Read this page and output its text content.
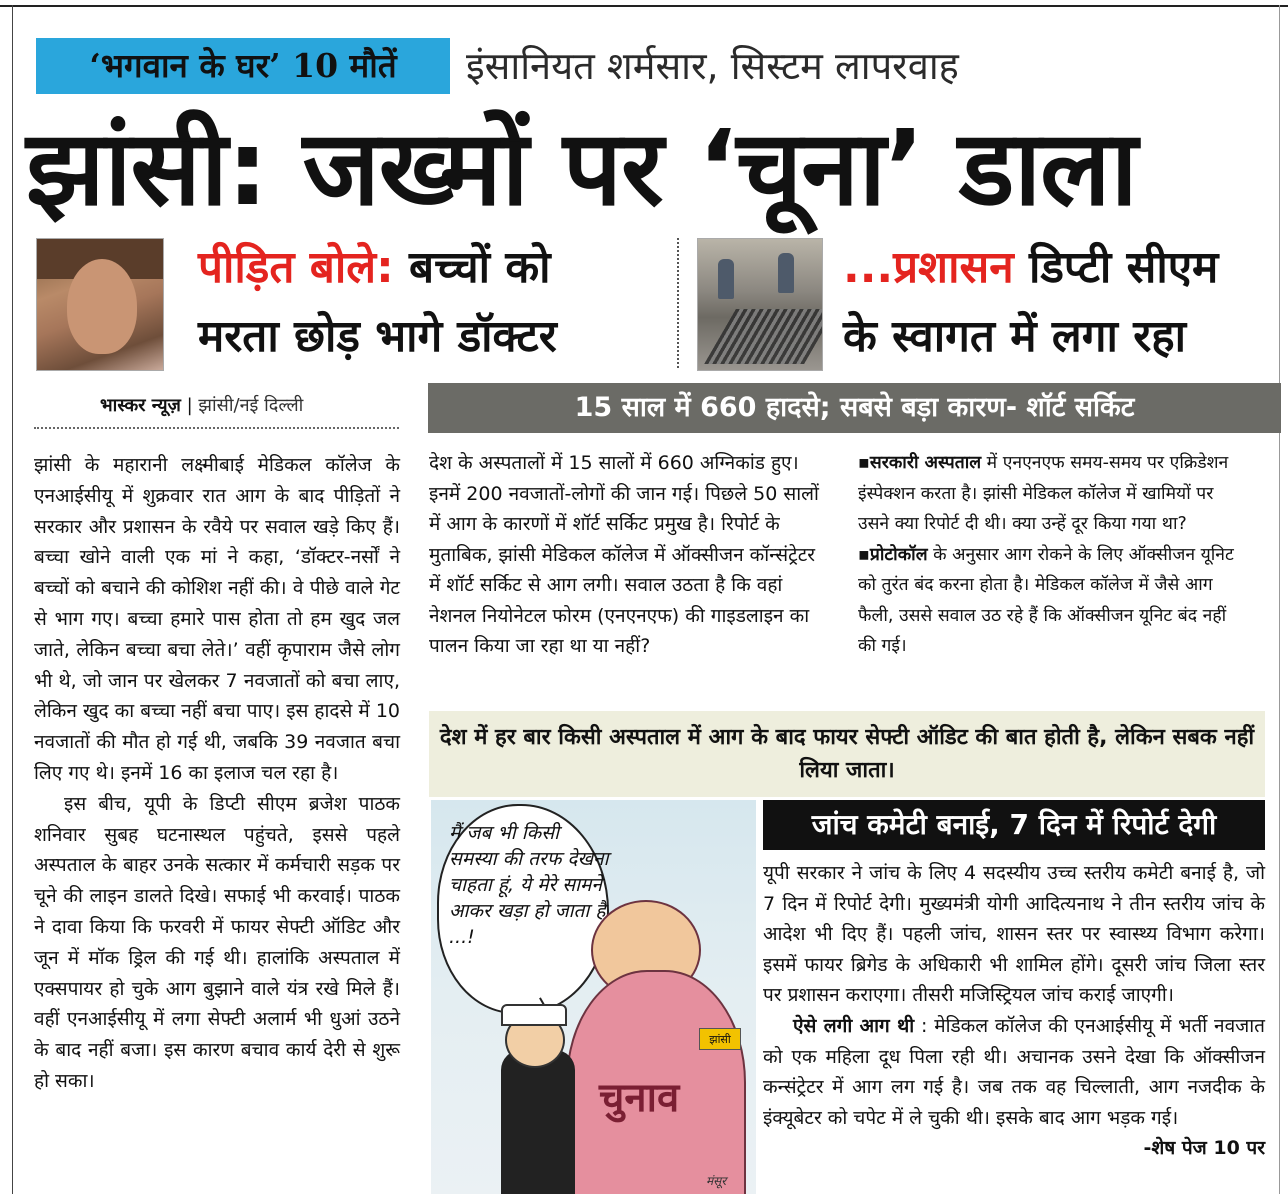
‘भगवान के घर’ 10 मौतें	इंसानियत शर्मसार, सिस्टम लापरवाह
झांसी: जख्मों पर ‘चूना’ डाला
पीड़ित बोले: बच्चों को
मरता छोड़ भागे डॉक्टर
...प्रशासन डिप्टी सीएम
के स्वागत में लगा रहा
भास्कर न्यूज़ | झांसी/नई दिल्ली	15 साल में 660 हादसे; सबसे बड़ा कारण- शॉर्ट सर्किट

झांसी के महारानी लक्ष्मीबाई मेडिकल कॉलेज के एनआईसीयू में शुक्रवार रात आग के बाद पीड़ितों ने सरकार और प्रशासन के रवैये पर सवाल खड़े किए हैं। बच्चा खोने वाली एक मां ने कहा, ‘डॉक्टर-नर्सों ने बच्चों को बचाने की कोशिश नहीं की। वे पीछे वाले गेट से भाग गए। बच्चा हमारे पास होता तो हम खुद जल जाते, लेकिन बच्चा बचा लेते।’ वहीं कृपाराम जैसे लोग भी थे, जो जान पर खेलकर 7 नवजातों को बचा लाए, लेकिन खुद का बच्चा नहीं बचा पाए। इस हादसे में 10 नवजातों की मौत हो गई थी, जबकि 39 नवजात बचा लिए गए थे। इनमें 16 का इलाज चल रहा है।

इस बीच, यूपी के डिप्टी सीएम ब्रजेश पाठक शनिवार सुबह घटनास्थल पहुंचते, इससे पहले अस्पताल के बाहर उनके सत्कार में कर्मचारी सड़क पर चूने की लाइन डालते दिखे। सफाई भी करवाई। पाठक ने दावा किया कि फरवरी में फायर सेफ्टी ऑडिट और जून में मॉक ड्रिल की गई थी। हालांकि अस्पताल में एक्सपायर हो चुके आग बुझाने वाले यंत्र रखे मिले हैं। वहीं एनआईसीयू में लगा सेफ्टी अलार्म भी धुआं उठने के बाद नहीं बजा। इस कारण बचाव कार्य देरी से शुरू हो सका।

देश के अस्पतालों में 15 सालों में 660 अग्निकांड हुए। इनमें 200 नवजातों-लोगों की जान गई। पिछले 50 सालों में आग के कारणों में शॉर्ट सर्किट प्रमुख है। रिपोर्ट के मुताबिक, झांसी मेडिकल कॉलेज में ऑक्सीजन कॉन्संट्रेटर में शॉर्ट सर्किट से आग लगी। सवाल उठता है कि वहां नेशनल नियोनेटल फोरम (एनएनएफ) की गाइडलाइन का पालन किया जा रहा था या नहीं?

▪सरकारी अस्पताल में एनएनएफ समय-समय पर एक्रिडेशन इंस्पेक्शन करता है। झांसी मेडिकल कॉलेज में खामियों पर उसने क्या रिपोर्ट दी थी। क्या उन्हें दूर किया गया था?

▪प्रोटोकॉल के अनुसार आग रोकने के लिए ऑक्सीजन यूनिट को तुरंत बंद करना होता है। मेडिकल कॉलेज में जैसे आग फैली, उससे सवाल उठ रहे हैं कि ऑक्सीजन यूनिट बंद नहीं की गई।

देश में हर बार किसी अस्पताल में आग के बाद फायर सेफ्टी ऑडिट की बात होती है, लेकिन सबक नहीं लिया जाता।
मैं जब भी किसी समस्या की तरफ देखना चाहता हूं, ये मेरे सामने आकर खड़ा हो जाता है ...!
चुनाव
झांसी
मंसूर
जांच कमेटी बनाई, 7 दिन में रिपोर्ट देगी

यूपी सरकार ने जांच के लिए 4 सदस्यीय उच्च स्तरीय कमेटी बनाई है, जो 7 दिन में रिपोर्ट देगी। मुख्यमंत्री योगी आदित्यनाथ ने तीन स्तरीय जांच के आदेश भी दिए हैं। पहली जांच, शासन स्तर पर स्वास्थ्य विभाग करेगा। इसमें फायर ब्रिगेड के अधिकारी भी शामिल होंगे। दूसरी जांच जिला स्तर पर प्रशासन कराएगा। तीसरी मजिस्ट्रियल जांच कराई जाएगी।

ऐसे लगी आग थी : मेडिकल कॉलेज की एनआईसीयू में भर्ती नवजात को एक महिला दूध पिला रही थी। अचानक उसने देखा कि ऑक्सीजन कन्संट्रेटर में आग लग गई है। जब तक वह चिल्लाती, आग नजदीक के इंक्यूबेटर को चपेट में ले चुकी थी। इसके बाद आग भड़क गई।
-शेष पेज 10 पर
